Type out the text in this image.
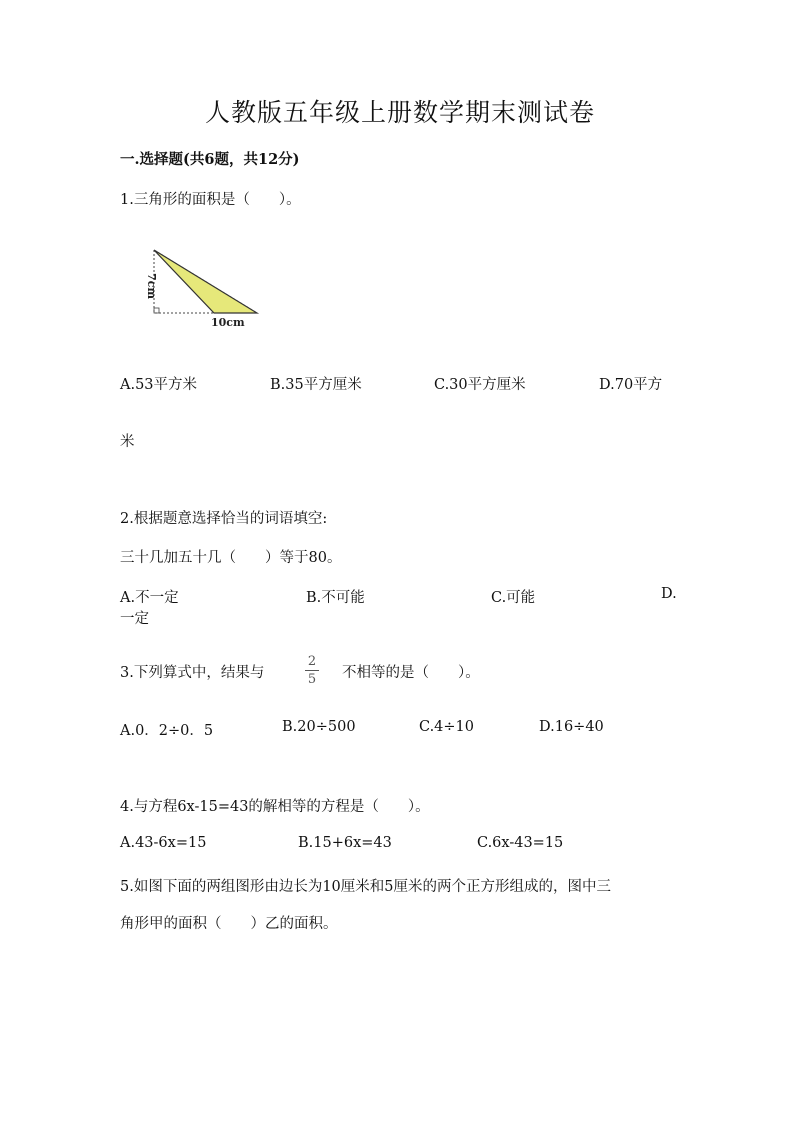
人教版五年级上册数学期末测试卷
一.选择题(共6题，共12分)
1.三角形的面积是（　　）。
7cm
10cm
A.53平方米	B.35平方厘米	C.30平方厘米	D.70平方
米
2.根据题意选择恰当的词语填空:
三十几加五十几（　　）等于80。
A.不一定	B.不可能	C.可能	D.
一定
3.下列算式中，结果与
2
5	不相等的是（　　）。
A.0．2÷0．5	B.20÷500	C.4÷10	D.16÷40
4.与方程6x-15=43的解相等的方程是（　　）。
A.43-6x=15	B.15+6x=43	C.6x-43=15
5.如图下面的两组图形由边长为10厘米和5厘米的两个正方形组成的，图中三
角形甲的面积（　　）乙的面积。
